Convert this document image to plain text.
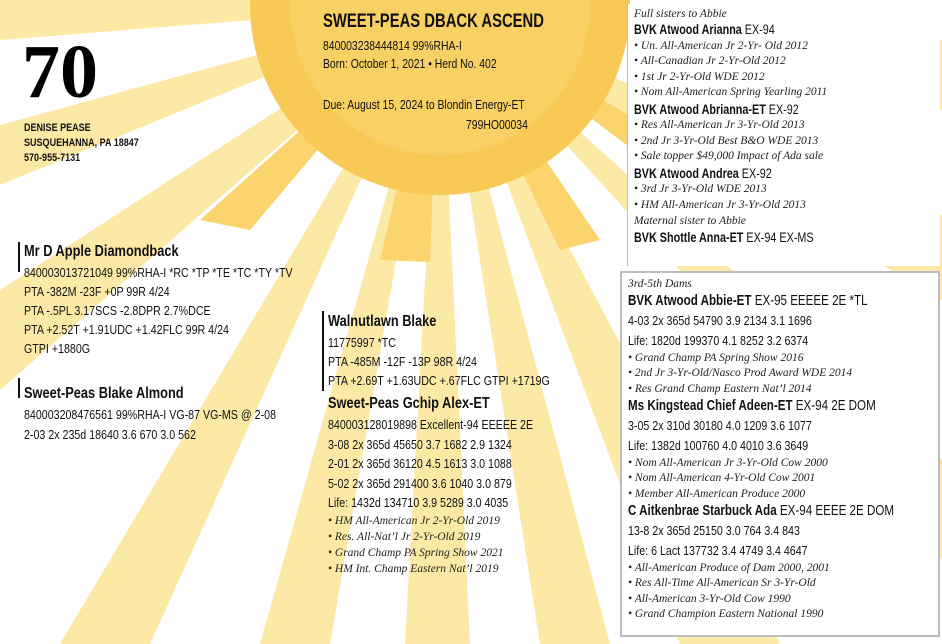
70
DENISE PEASE
SUSQUEHANNA, PA 18847
570-955-7131
SWEET-PEAS DBACK ASCEND
840003238444814 99%RHA-I
Born: October 1, 2021 • Herd No. 402
Due: August 15, 2024 to Blondin Energy-ET
799HO00034
Mr D Apple Diamondback
840003013721049 99%RHA-I *RC *TP *TE *TC *TY *TV
PTA -382M -23F +0P 99R 4/24
PTA -.5PL 3.17SCS -2.8DPR 2.7%DCE
PTA +2.52T +1.91UDC +1.42FLC 99R 4/24
GTPI +1880G
Sweet-Peas Blake Almond
840003208476561 99%RHA-I VG-87 VG-MS @ 2-08
2-03 2x 235d 18640 3.6 670 3.0 562
Walnutlawn Blake
11775997 *TC
PTA -485M -12F -13P 98R 4/24
PTA +2.69T +1.63UDC +.67FLC GTPI +1719G
Sweet-Peas Gchip Alex-ET
840003128019898 Excellent-94 EEEEE 2E
3-08 2x 365d 45650 3.7 1682 2.9 1324
2-01 2x 365d 36120 4.5 1613 3.0 1088
5-02 2x 365d 291400 3.6 1040 3.0 879
Life: 1432d 134710 3.9 5289 3.0 4035
• HM All-American Jr 2-Yr-Old 2019
• Res. All-Nat’l Jr 2-Yr-Old 2019
• Grand Champ PA Spring Show 2021
• HM Int. Champ Eastern Nat’l 2019
Full sisters to Abbie
BVK Atwood Arianna EX-94
• Un. All-American Jr 2-Yr- Old 2012
• All-Canadian Jr 2-Yr-Old 2012
• 1st Jr 2-Yr-Old WDE 2012
• Nom All-American Spring Yearling 2011
BVK Atwood Abrianna-ET EX-92
• Res All-American Jr 3-Yr-Old 2013
• 2nd Jr 3-Yr-Old Best B&O WDE 2013
• Sale topper $49,000 Impact of Ada sale
BVK Atwood Andrea EX-92
• 3rd Jr 3-Yr-Old WDE 2013
• HM All-American Jr 3-Yr-Old 2013
Maternal sister to Abbie
BVK Shottle Anna-ET EX-94 EX-MS
3rd-5th Dams
BVK Atwood Abbie-ET EX-95 EEEEE 2E *TL
4-03 2x 365d 54790 3.9 2134 3.1 1696
Life: 1820d 199370 4.1 8252 3.2 6374
• Grand Champ PA Spring Show 2016
• 2nd Jr 3-Yr-Old/Nasco Prod Award WDE 2014
• Res Grand Champ Eastern Nat’l 2014
Ms Kingstead Chief Adeen-ET EX-94 2E DOM
3-05 2x 310d 30180 4.0 1209 3.6 1077
Life: 1382d 100760 4.0 4010 3.6 3649
• Nom All-American Jr 3-Yr-Old Cow 2000
• Nom All-American 4-Yr-Old Cow 2001
• Member All-American Produce 2000
C Aitkenbrae Starbuck Ada EX-94 EEEE 2E DOM
13-8 2x 365d 25150 3.0 764 3.4 843
Life: 6 Lact 137732 3.4 4749 3.4 4647
• All-American Produce of Dam 2000, 2001
• Res All-Time All-American Sr 3-Yr-Old
• All-American 3-Yr-Old Cow 1990
• Grand Champion Eastern National 1990
